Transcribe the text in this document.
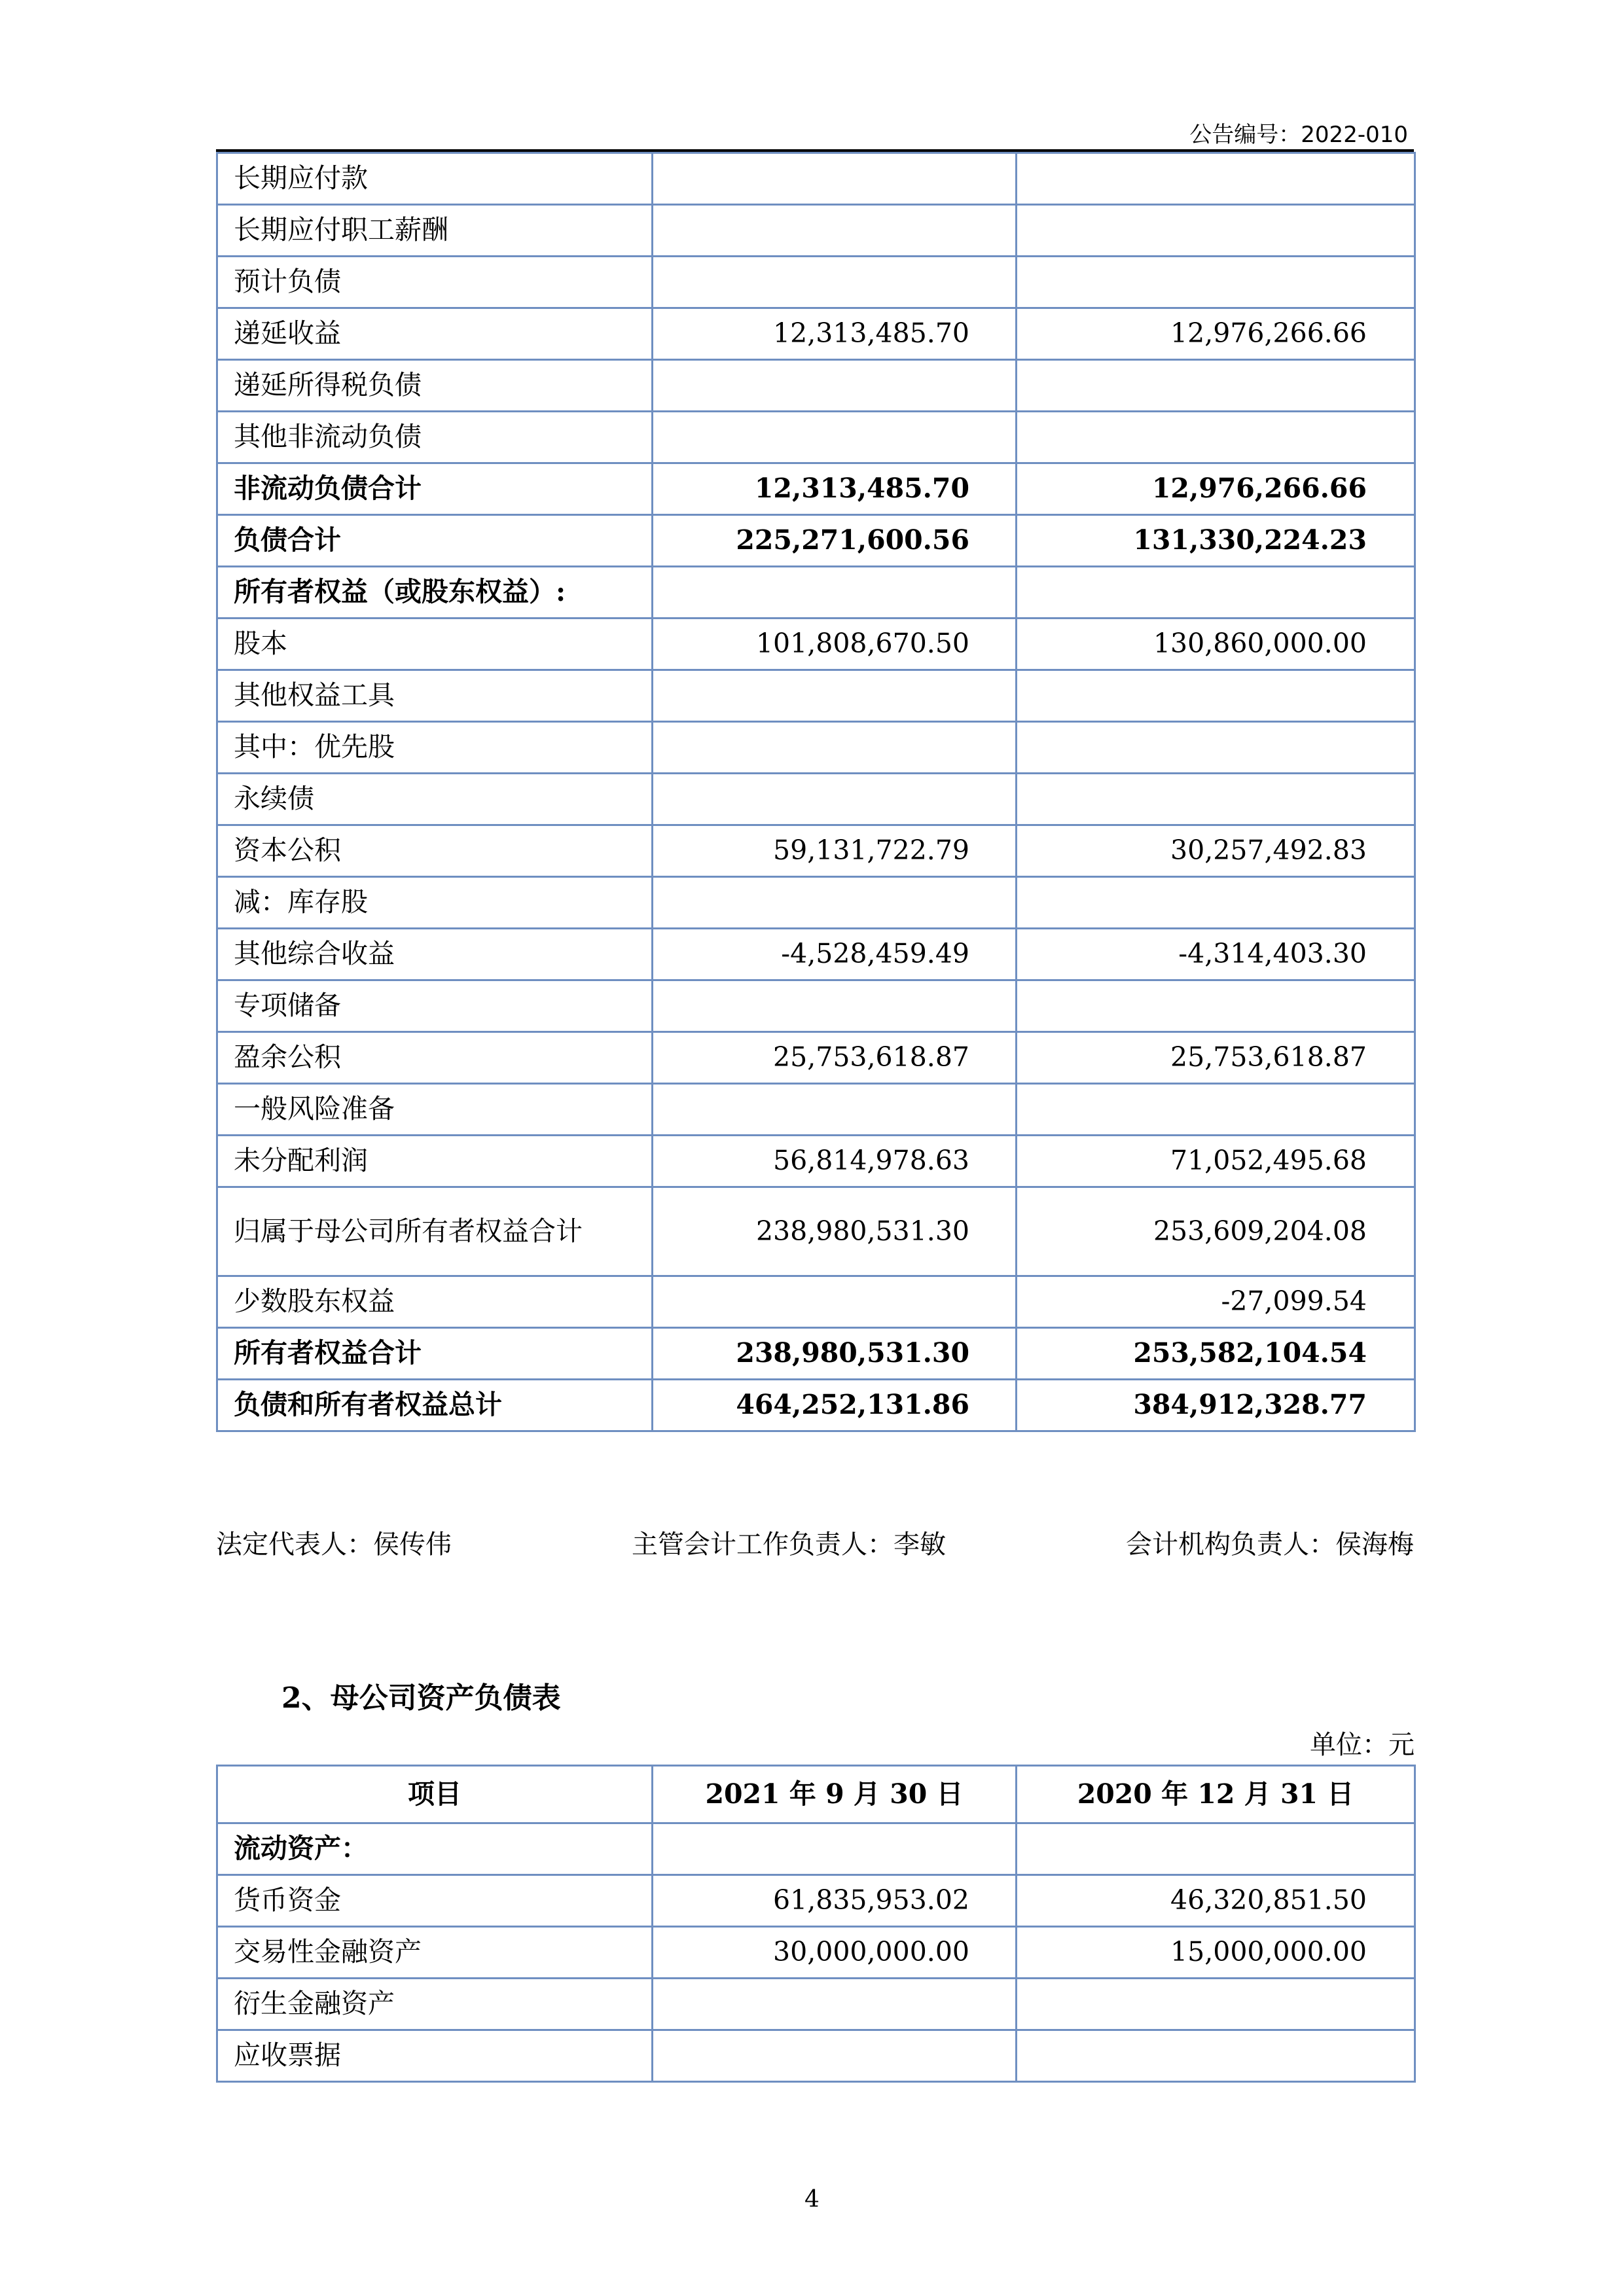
公告编号：2022-010
长期应付款		
长期应付职工薪酬		
预计负债		
递延收益	12,313,485.70	12,976,266.66
递延所得税负债		
其他非流动负债		
非流动负债合计	12,313,485.70	12,976,266.66
负债合计	225,271,600.56	131,330,224.23
所有者权益（或股东权益）:		
股本	101,808,670.50	130,860,000.00
其他权益工具		
其中：优先股		
永续债		
资本公积	59,131,722.79	30,257,492.83
减：库存股		
其他综合收益	-4,528,459.49	-4,314,403.30
专项储备		
盈余公积	25,753,618.87	25,753,618.87
一般风险准备		
未分配利润	56,814,978.63	71,052,495.68
归属于母公司所有者权益合计	238,980,531.30	253,609,204.08
少数股东权益		-27,099.54
所有者权益合计	238,980,531.30	253,582,104.54
负债和所有者权益总计	464,252,131.86	384,912,328.77
法定代表人：侯传伟	主管会计工作负责人：李敏	会计机构负责人：侯海梅
2、母公司资产负债表
单位：元
项目	2021 年 9 月 30 日	2020 年 12 月 31 日
流动资产：		
货币资金	61,835,953.02	46,320,851.50
交易性金融资产	30,000,000.00	15,000,000.00
衍生金融资产		
应收票据		
4
